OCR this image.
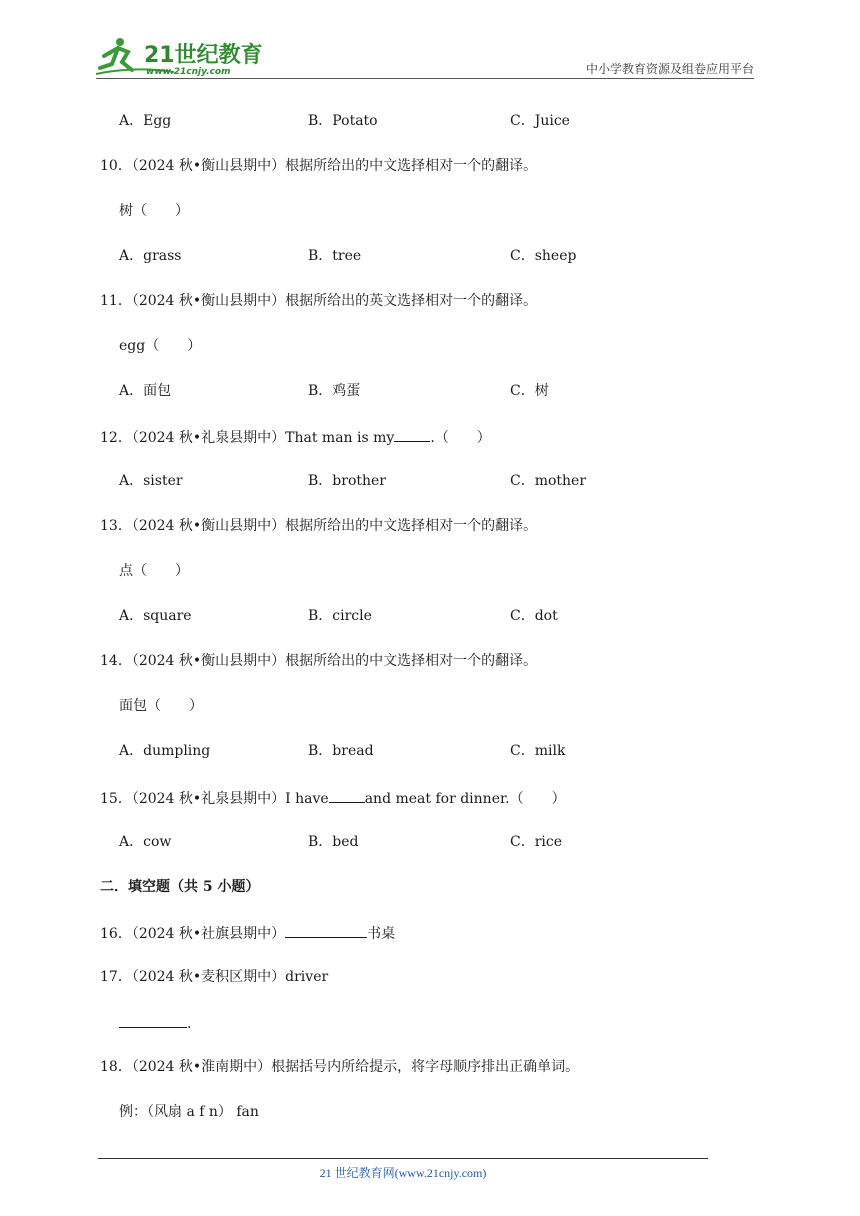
21世纪教育
www.21cnjy.com	中小学教育资源及组卷应用平台
A．Egg	B．Potato	C．Juice
10．（2024 秋•衡山县期中）根据所给出的中文选择相对一个的翻译。
树（　　）
A．grass	B．tree	C．sheep
11．（2024 秋•衡山县期中）根据所给出的英文选择相对一个的翻译。
egg（　　）
A．面包	B．鸡蛋	C．树
12．（2024 秋•礼泉县期中）That man is my	.（　　）
A．sister	B．brother	C．mother
13．（2024 秋•衡山县期中）根据所给出的中文选择相对一个的翻译。
点（　　）
A．square	B．circle	C．dot
14．（2024 秋•衡山县期中）根据所给出的中文选择相对一个的翻译。
面包（　　）
A．dumpling	B．bread	C．milk
15．（2024 秋•礼泉县期中）I have	and meat for dinner.（　　）
A．cow	B．bed	C．rice
二．填空题（共 5 小题）
16．（2024 秋•社旗县期中）	书桌
17．（2024 秋•麦积区期中）driver
.
18．（2024 秋•淮南期中）根据括号内所给提示，将字母顺序排出正确单词。
例：（风扇 a f n） fan
21 世纪教育网(www.21cnjy.com)
